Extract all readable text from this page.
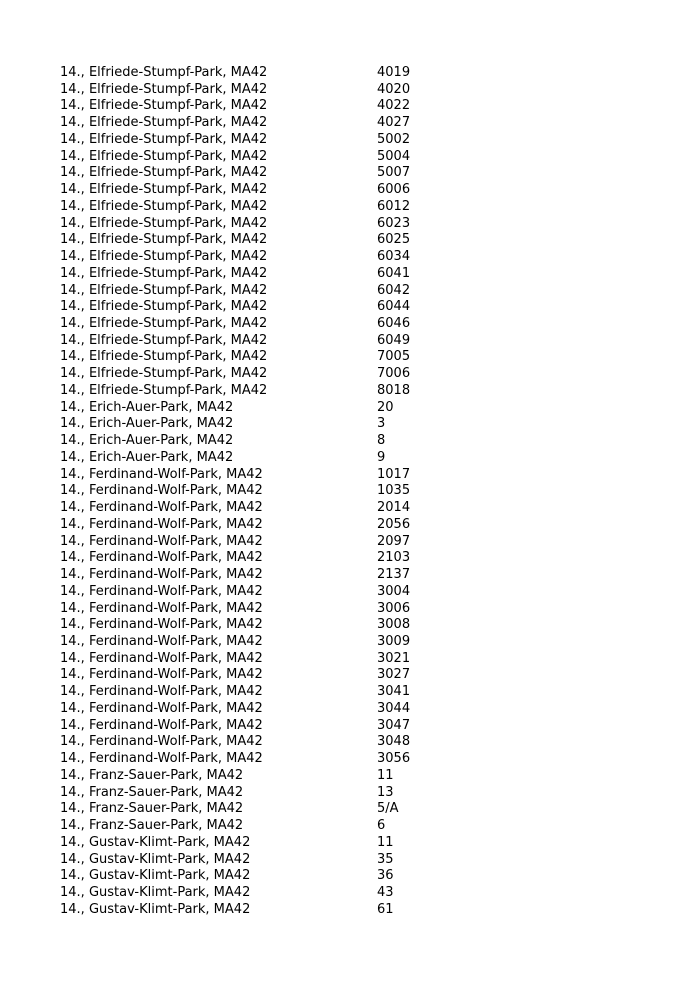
14., Elfriede-Stumpf-Park, MA42	4019
14., Elfriede-Stumpf-Park, MA42	4020
14., Elfriede-Stumpf-Park, MA42	4022
14., Elfriede-Stumpf-Park, MA42	4027
14., Elfriede-Stumpf-Park, MA42	5002
14., Elfriede-Stumpf-Park, MA42	5004
14., Elfriede-Stumpf-Park, MA42	5007
14., Elfriede-Stumpf-Park, MA42	6006
14., Elfriede-Stumpf-Park, MA42	6012
14., Elfriede-Stumpf-Park, MA42	6023
14., Elfriede-Stumpf-Park, MA42	6025
14., Elfriede-Stumpf-Park, MA42	6034
14., Elfriede-Stumpf-Park, MA42	6041
14., Elfriede-Stumpf-Park, MA42	6042
14., Elfriede-Stumpf-Park, MA42	6044
14., Elfriede-Stumpf-Park, MA42	6046
14., Elfriede-Stumpf-Park, MA42	6049
14., Elfriede-Stumpf-Park, MA42	7005
14., Elfriede-Stumpf-Park, MA42	7006
14., Elfriede-Stumpf-Park, MA42	8018
14., Erich-Auer-Park, MA42	20
14., Erich-Auer-Park, MA42	3
14., Erich-Auer-Park, MA42	8
14., Erich-Auer-Park, MA42	9
14., Ferdinand-Wolf-Park, MA42	1017
14., Ferdinand-Wolf-Park, MA42	1035
14., Ferdinand-Wolf-Park, MA42	2014
14., Ferdinand-Wolf-Park, MA42	2056
14., Ferdinand-Wolf-Park, MA42	2097
14., Ferdinand-Wolf-Park, MA42	2103
14., Ferdinand-Wolf-Park, MA42	2137
14., Ferdinand-Wolf-Park, MA42	3004
14., Ferdinand-Wolf-Park, MA42	3006
14., Ferdinand-Wolf-Park, MA42	3008
14., Ferdinand-Wolf-Park, MA42	3009
14., Ferdinand-Wolf-Park, MA42	3021
14., Ferdinand-Wolf-Park, MA42	3027
14., Ferdinand-Wolf-Park, MA42	3041
14., Ferdinand-Wolf-Park, MA42	3044
14., Ferdinand-Wolf-Park, MA42	3047
14., Ferdinand-Wolf-Park, MA42	3048
14., Ferdinand-Wolf-Park, MA42	3056
14., Franz-Sauer-Park, MA42	11
14., Franz-Sauer-Park, MA42	13
14., Franz-Sauer-Park, MA42	5/A
14., Franz-Sauer-Park, MA42	6
14., Gustav-Klimt-Park, MA42	11
14., Gustav-Klimt-Park, MA42	35
14., Gustav-Klimt-Park, MA42	36
14., Gustav-Klimt-Park, MA42	43
14., Gustav-Klimt-Park, MA42	61
